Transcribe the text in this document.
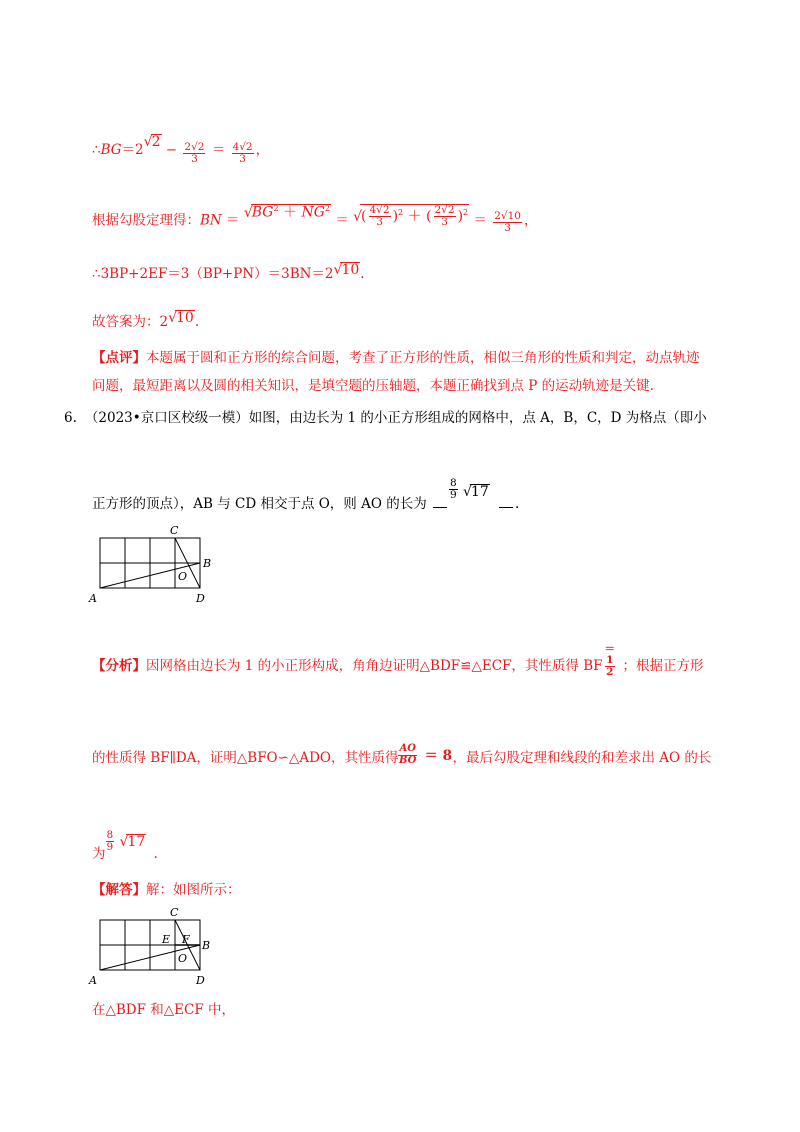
∴BG＝2√2 − $\frac{2√2}{3} = \frac{4√2}{3}$ ，
根据勾股定理得：BN ＝ $√BG^2 + NG^2$ ＝ √( $\frac{4√2}{3} )^2$ ＋ ( $\frac{2√2}{3} )^2 = \frac{2√10}{3}$ ，
∴3BP+2EF＝3（BP+PN）＝3BN＝2√10.
故答案为：2√10.
【点评】本题属于圆和正方形的综合问题，考查了正方形的性质，相似三角形的性质和判定，动点轨迹
问题，最短距离以及圆的相关知识，是填空题的压轴题，本题正确找到点 P 的运动轨迹是关键.
6. （2023•京口区校级一模）如图，由边长为 1 的小正方形组成的网格中，点 A，B，C，D 为格点（即小
正方形的顶点），AB 与 CD 相交于点 O，则 AO 的长为
8
9 √17
.
C
B
O
A	D
【分析】因网格由边长为 1 的小正形构成，角角边证明△BDF≌△ECF，其性质得 BF
＝
1
2 ；根据正方形
的性质得 BF∥DA，证明△BFO∽△ADO，其性质得
AO
BO ＝ 8 ，最后勾股定理和线段的和差求出 AO 的长
为
8
9 √17
.
【解答】解：如图所示：
C
E F B
O
A	D
在△BDF 和△ECF 中，
